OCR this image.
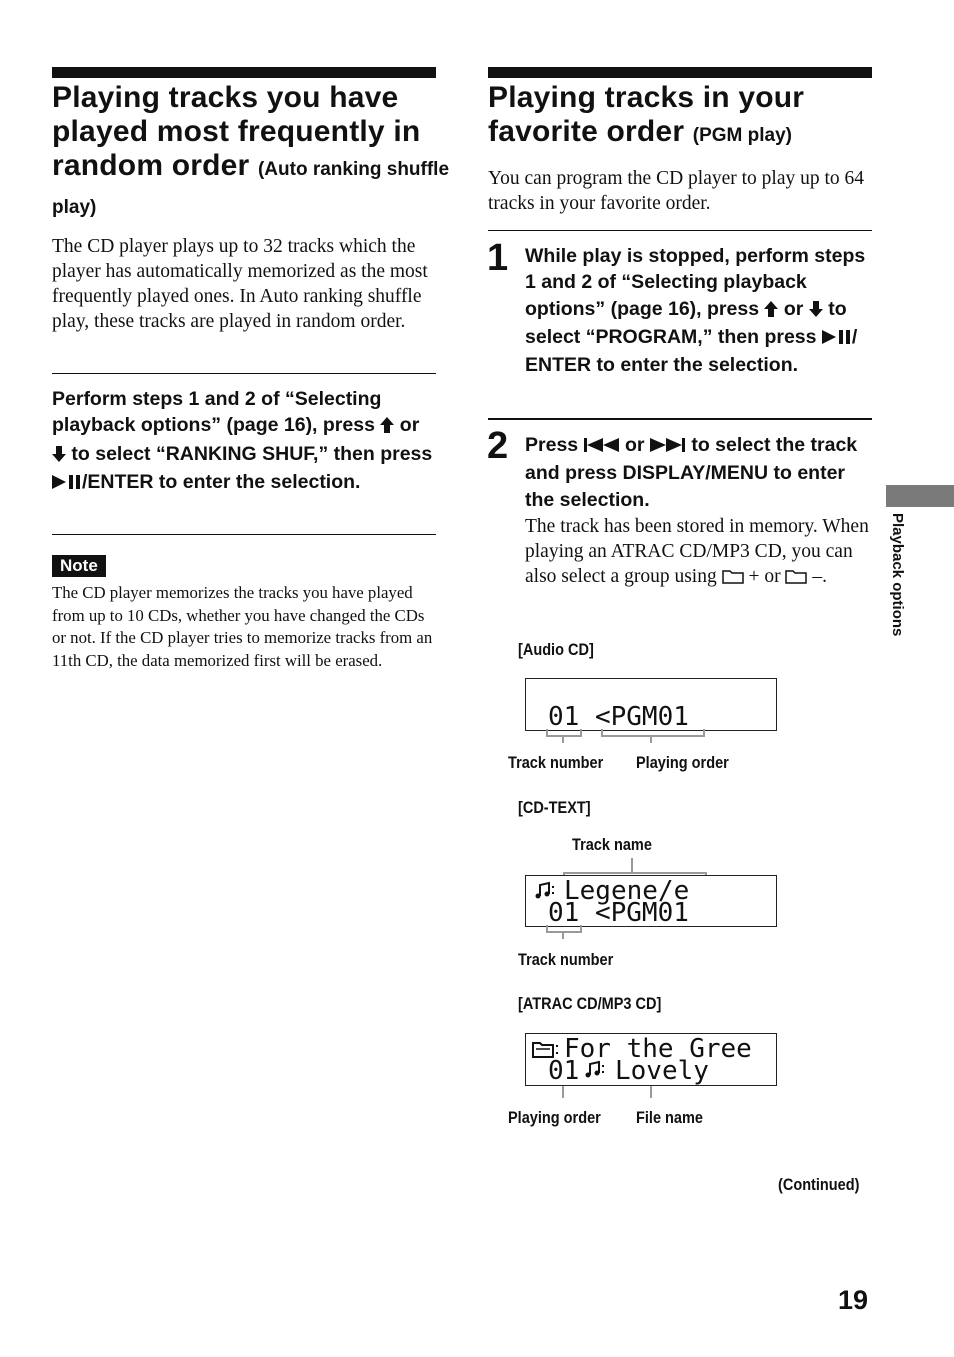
Playing tracks you have played most frequently in random order (Auto ranking shuffle play)
The CD player plays up to 32 tracks which the player has automatically memorized as the most frequently played ones. In Auto ranking shuffle play, these tracks are played in random order.
Perform steps 1 and 2 of “Selecting playback options” (page 16), press  or  to select “RANKING SHUF,” then press /ENTER to enter the selection.
Note
The CD player memorizes the tracks you have played from up to 10 CDs, whether you have changed the CDs or not. If the CD player tries to memorize tracks from an 11th CD, the data memorized first will be erased.
Playing tracks in your favorite order (PGM play)
You can program the CD player to play up to 64 tracks in your favorite order.
1 While play is stopped, perform steps 1 and 2 of “Selecting playback options” (page 16), press  or  to select “PROGRAM,” then press / ENTER to enter the selection.
2 Press  or  to select the track and press DISPLAY/MENU to enter the selection.
The track has been stored in memory. When playing an ATRAC CD/MP3 CD, you can also select a group using  + or  –.
[Audio CD]
01 <PGM01
Track number Playing order
[CD-TEXT]
Track name
Legene/e
01 <PGM01
Track number
[ATRAC CD/MP3 CD]
For the Gree
01 Lovely
Playing order File name
(Continued)
Playback options
19
